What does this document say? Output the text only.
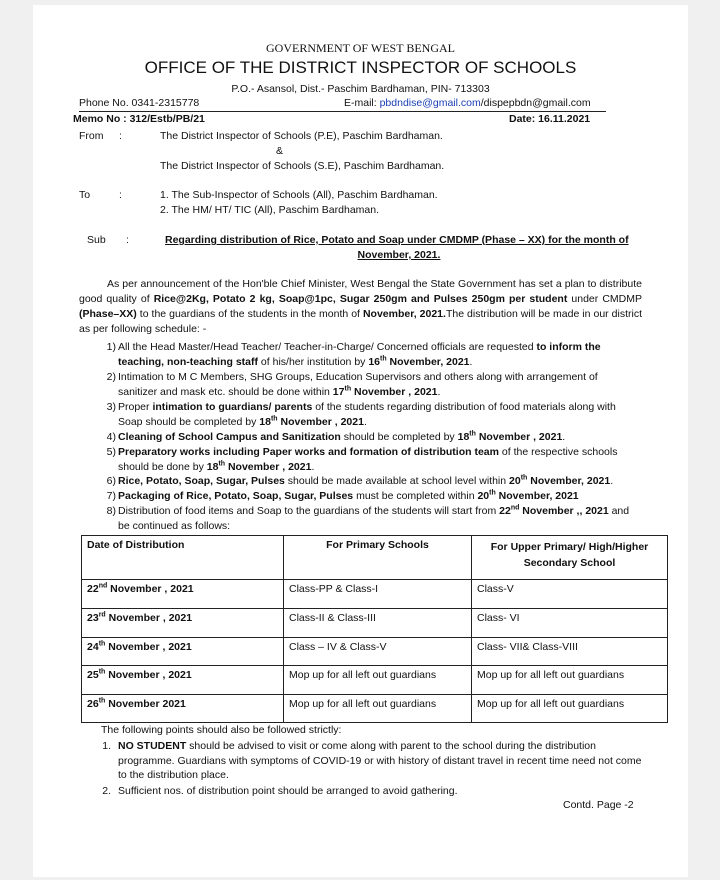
GOVERNMENT OF WEST BENGAL
OFFICE OF THE DISTRICT INSPECTOR OF SCHOOLS
P.O.- Asansol, Dist.- Paschim Bardhaman, PIN- 713303
Phone No. 0341-2315778	E-mail: pbdndise@gmail.com/dispepbdn@gmail.com
Memo No : 312/Estb/PB/21	Date: 16.11.2021
From :	The District Inspector of Schools (P.E), Paschim Bardhaman.
&
The District Inspector of Schools (S.E), Paschim Bardhaman.
To	:	1. The Sub-Inspector of Schools (All), Paschim Bardhaman.
2. The HM/ HT/ TIC (All), Paschim Bardhaman.
Sub :	Regarding distribution of Rice, Potato and Soap under CMDMP (Phase – XX) for the month of
November, 2021.
As per announcement of the Hon'ble Chief Minister, West Bengal the State Government has set a plan to distribute good quality of Rice@2Kg, Potato 2 kg, Soap@1pc, Sugar 250gm and Pulses 250gm per student under CMDMP (Phase–XX) to the guardians of the students in the month of November, 2021.The distribution will be made in our district as per following schedule: -
1) All the Head Master/Head Teacher/ Teacher-in-Charge/ Concerned officials are requested to inform the teaching, non-teaching staff of his/her institution by 16th November, 2021.
2) Intimation to M C Members, SHG Groups, Education Supervisors and others along with arrangement of sanitizer and mask etc. should be done within 17th November , 2021.
3) Proper intimation to guardians/ parents of the students regarding distribution of food materials along with Soap should be completed by 18th November , 2021.
4) Cleaning of School Campus and Sanitization should be completed by 18th November , 2021.
5) Preparatory works including Paper works and formation of distribution team of the respective schools should be done by 18th November , 2021.
6) Rice, Potato, Soap, Sugar, Pulses should be made available at school level within 20th November, 2021.
7) Packaging of Rice, Potato, Soap, Sugar, Pulses must be completed within 20th November, 2021
8) Distribution of food items and Soap to the guardians of the students will start from 22nd November ,, 2021 and be continued as follows:
Date of Distribution	For Primary Schools	For Upper Primary/ High/Higher Secondary School
22nd November , 2021	Class-PP & Class-I	Class-V
23rd November , 2021	Class-II & Class-III	Class- VI
24th November , 2021	Class – IV & Class-V	Class- VII& Class-VIII
25th November , 2021	Mop up for all left out guardians	Mop up for all left out guardians
26th November 2021	Mop up for all left out guardians	Mop up for all left out guardians
The following points should also be followed strictly:
1. NO STUDENT should be advised to visit or come along with parent to the school during the distribution programme. Guardians with symptoms of COVID-19 or with history of distant travel in recent time need not come to the distribution place.
2. Sufficient nos. of distribution point should be arranged to avoid gathering.
Contd. Page -2
